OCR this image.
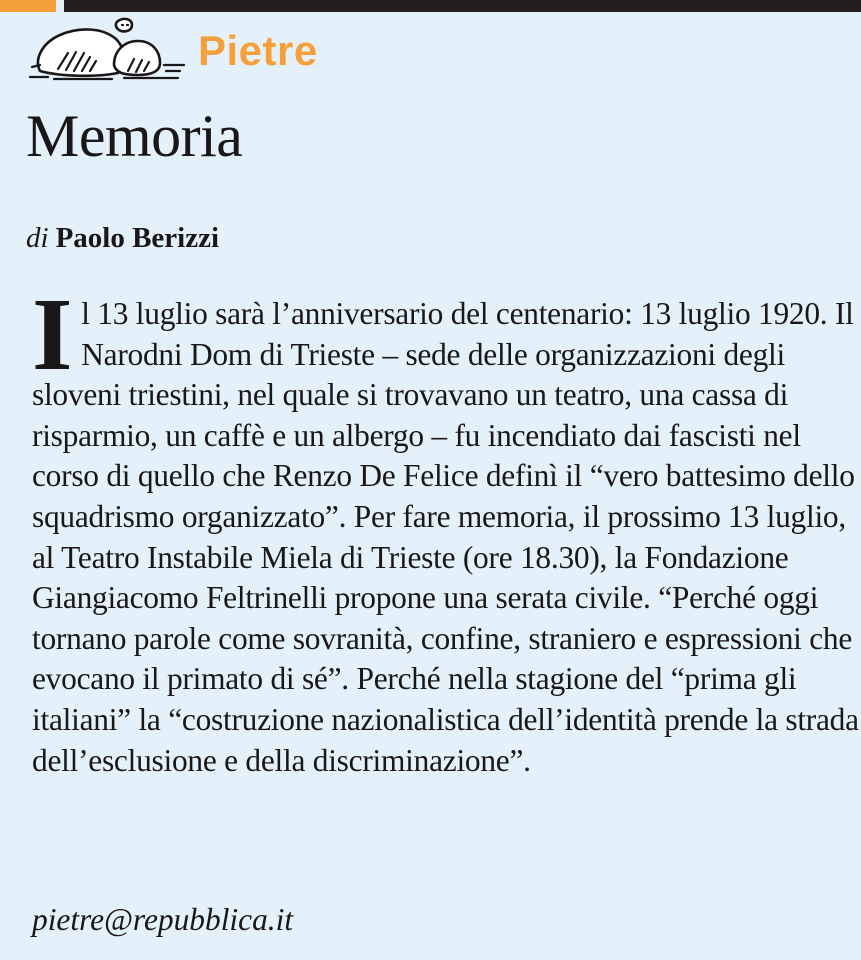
Pietre
Memoria
di Paolo Berizzi

Il 13 luglio sarà l’anniversario del centenario: 13 luglio 1920. Il Narodni Dom di Trieste – sede delle organizzazioni degli sloveni triestini, nel quale si trovavano un teatro, una cassa di risparmio, un caffè e un albergo – fu incendiato dai fascisti nel corso di quello che Renzo De Felice definì il “vero battesimo dello squadrismo organizzato”. Per fare memoria, il prossimo 13 luglio, al Teatro Instabile Miela di Trieste (ore 18.30), la Fondazione Giangiacomo Feltrinelli propone una serata civile. “Perché oggi tornano parole come sovranità, confine, straniero e espressioni che evocano il primato di sé”. Perché nella stagione del “prima gli italiani” la “costruzione nazionalistica dell’identità prende la strada dell’esclusione e della discriminazione”.

pietre@repubblica.it
